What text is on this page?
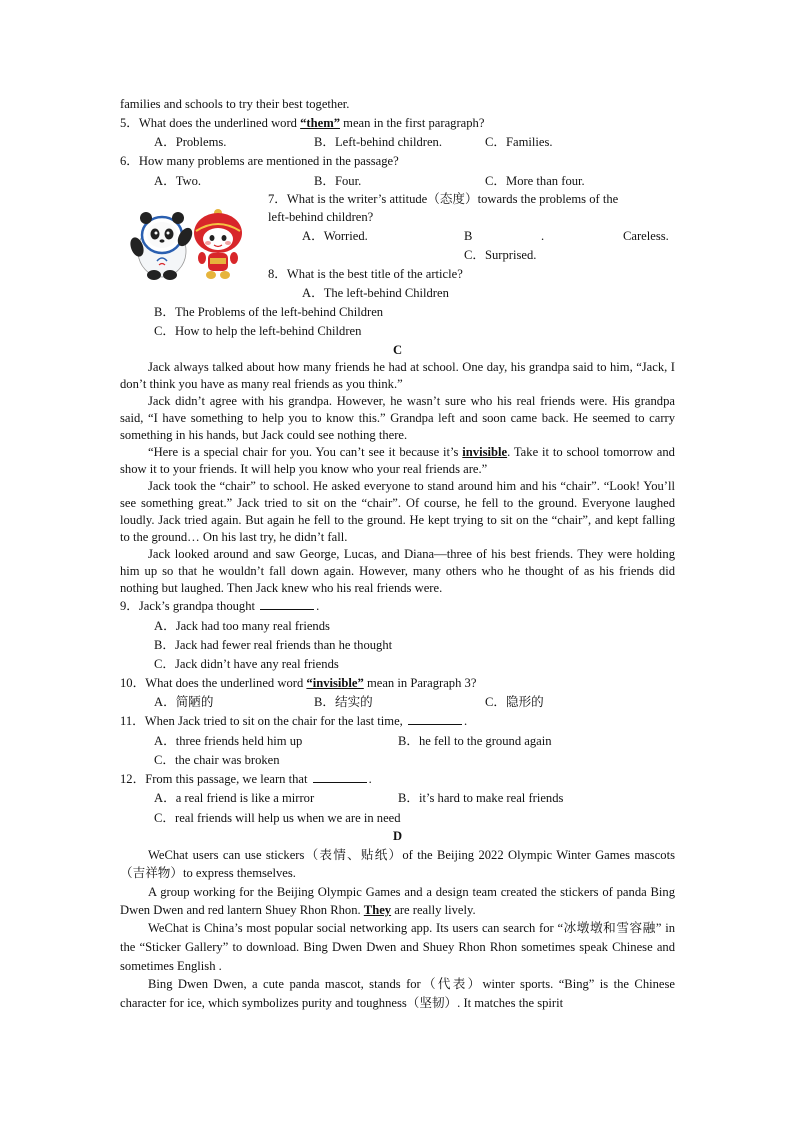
families and schools to try their best together.
5．What does the underlined word “them” mean in the first paragraph?
A．Problems.	B．Left-behind children.	C．Families.
6．How many problems are mentioned in the passage?
A．Two.	B．Four.	C．More than four.
7．What is the writer’s attitude（态度）towards the problems of the
left-behind children?
A．Worried.	B	.	Careless.
C．Surprised.
8．What is the best title of the article?
A．The left-behind Children
B．The Problems of the left-behind Children
C．How to help the left-behind Children
C
Jack always talked about how many friends he had at school. One day, his grandpa said to him, “Jack, I don’t think you have as many real friends as you think.”
Jack didn’t agree with his grandpa. However, he wasn’t sure who his real friends were. His grandpa said, “I have something to help you to know this.” Grandpa left and soon came back. He seemed to carry something in his hands, but Jack could see nothing there.
“Here is a special chair for you. You can’t see it because it’s invisible. Take it to school tomorrow and show it to your friends. It will help you know who your real friends are.”
Jack took the “chair” to school. He asked everyone to stand around him and his “chair”. “Look! You’ll see something great.” Jack tried to sit on the “chair”. Of course, he fell to the ground. Everyone laughed loudly. Jack tried again. But again he fell to the ground. He kept trying to sit on the “chair”, and kept falling to the ground… On his last try, he didn’t fall.
Jack looked around and saw George, Lucas, and Diana—three of his best friends. They were holding him up so that he wouldn’t fall down again. However, many others who he thought of as his friends did nothing but laughed. Then Jack knew who his real friends were.
9．Jack’s grandpa thought	.
A．Jack had too many real friends
B．Jack had fewer real friends than he thought
C．Jack didn’t have any real friends
10．What does the underlined word “invisible” mean in Paragraph 3?
A．简陋的	B．结实的	C．隐形的
11．When Jack tried to sit on the chair for the last time,	.
A．three friends held him up	B．he fell to the ground again
C．the chair was broken
12．From this passage, we learn that	.
A．a real friend is like a mirror	B．it’s hard to make real friends
C．real friends will help us when we are in need
D
WeChat users can use stickers（表情、贴纸）of the Beijing 2022 Olympic Winter Games mascots（吉祥物）to express themselves.
A group working for the Beijing Olympic Games and a design team created the stickers of panda Bing Dwen Dwen and red lantern Shuey Rhon Rhon. They are really lively.
WeChat is China’s most popular social networking app. Its users can search for “冰墩墩和雪容融” in the “Sticker Gallery” to download. Bing Dwen Dwen and Shuey Rhon Rhon sometimes speak Chinese and sometimes English .
Bing Dwen Dwen, a cute panda mascot, stands for（代表）winter sports. “Bing” is the Chinese character for ice, which symbolizes purity and toughness（坚韧）. It matches the spirit
